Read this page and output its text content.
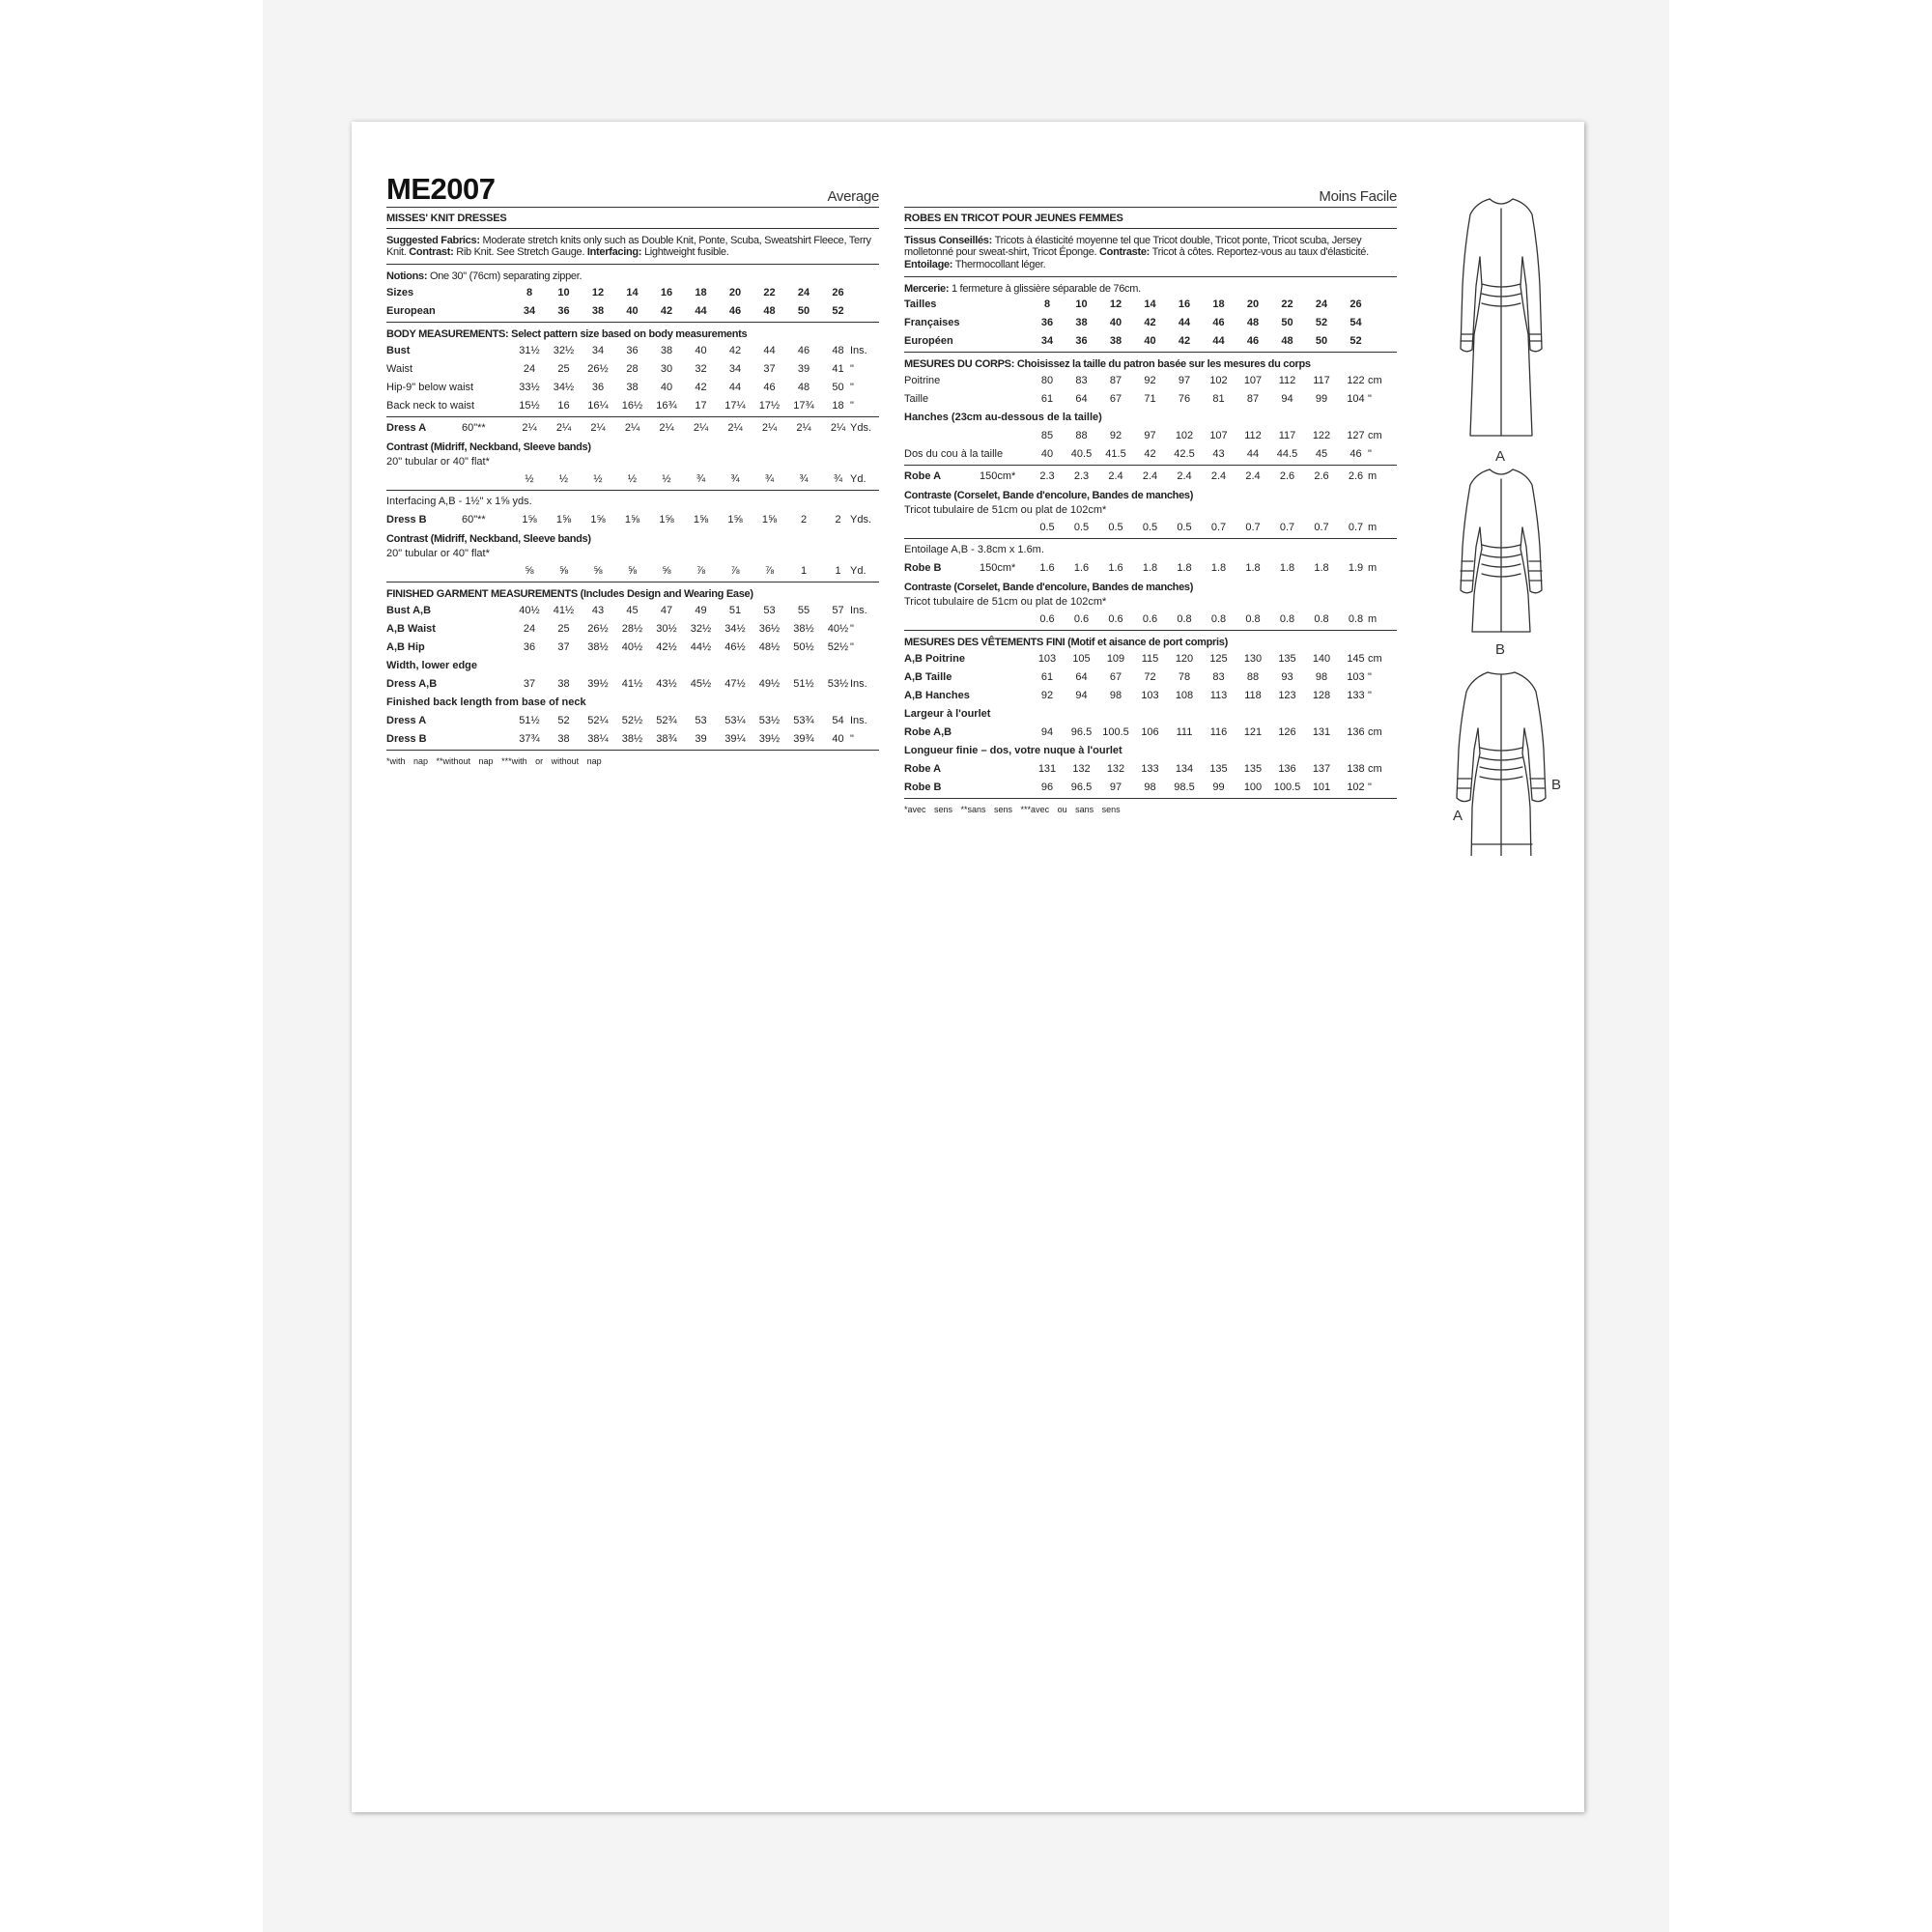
ME2007	Average
MISSES' KNIT DRESSES
Suggested Fabrics: Moderate stretch knits only such as Double Knit, Ponte, Scuba, Sweatshirt Fleece, Terry Knit. Contrast: Rib Knit. See Stretch Gauge. Interfacing: Lightweight fusible.
Notions: One 30" (76cm) separating zipper.
Sizes	8	10	12	14	16	18	20	22	24	26
European	34	36	38	40	42	44	46	48	50	52
BODY MEASUREMENTS: Select pattern size based on body measurements
Bust	31½	32½	34	36	38	40	42	44	46	48 Ins.
Waist	24	25	26½	28	30	32	34	37	39	41 "
Hip-9" below waist	33½	34½	36	38	40	42	44	46	48	50 "
Back neck to waist	15½	16	16¼	16½	16¾	17	17¼	17½	17¾	18 "
Dress A	60"**	2¼	2¼	2¼	2¼	2¼	2¼	2¼	2¼	2¼	2¼ Yds.
Contrast (Midriff, Neckband, Sleeve bands)
20" tubular or 40" flat*
½	½	½	½	½	¾	¾	¾	¾	¾ Yd.
Interfacing A,B - 1½" x 1⅝ yds.
Dress B	60"**	1⅝	1⅝	1⅝	1⅝	1⅝	1⅝	1⅝	1⅝	2	2 Yds.
Contrast (Midriff, Neckband, Sleeve bands)
20" tubular or 40" flat*
⅝	⅝	⅝	⅝	⅝	⅞	⅞	⅞	1	1 Yd.
FINISHED GARMENT MEASUREMENTS (Includes Design and Wearing Ease)
Bust A,B	40½	41½	43	45	47	49	51	53	55	57 Ins.
A,B Waist	24	25	26½	28½	30½	32½	34½	36½	38½	40½ "
A,B Hip	36	37	38½	40½	42½	44½	46½	48½	50½	52½ "
Width, lower edge
Dress A,B	37	38	39½	41½	43½	45½	47½	49½	51½	53½ Ins.
Finished back length from base of neck
Dress A	51½	52	52¼	52½	52¾	53	53¼	53½	53¾	54 Ins.
Dress B	37¾	38	38¼	38½	38¾	39	39¼	39½	39¾	40 "
*with nap **without nap ***with or without nap
Moins Facile
ROBES EN TRICOT POUR JEUNES FEMMES
Tissus Conseillés: Tricots à élasticité moyenne tel que Tricot double, Tricot ponte, Tricot scuba, Jersey molletonné pour sweat-shirt, Tricot Éponge. Contraste: Tricot à côtes. Reportez-vous au taux d'élasticité. Entoilage: Thermocollant léger.
Mercerie: 1 fermeture à glissière séparable de 76cm.
Tailles	8	10	12	14	16	18	20	22	24	26
Françaises	36	38	40	42	44	46	48	50	52	54
Européen	34	36	38	40	42	44	46	48	50	52
MESURES DU CORPS: Choisissez la taille du patron basée sur les mesures du corps
Poitrine	80	83	87	92	97	102	107	112	117	122 cm
Taille	61	64	67	71	76	81	87	94	99	104 "
Hanches (23cm au-dessous de la taille)
85	88	92	97	102	107	112	117	122	127 cm
Dos du cou à la taille	40	40.5	41.5	42	42.5	43	44	44.5	45	46 "
Robe A	150cm*	2.3	2.3	2.4	2.4	2.4	2.4	2.4	2.6	2.6	2.6 m
Contraste (Corselet, Bande d'encolure, Bandes de manches)
Tricot tubulaire de 51cm ou plat de 102cm*
0.5	0.5	0.5	0.5	0.5	0.7	0.7	0.7	0.7	0.7 m
Entoilage A,B - 3.8cm x 1.6m.
Robe B	150cm*	1.6	1.6	1.6	1.8	1.8	1.8	1.8	1.8	1.8	1.9 m
Contraste (Corselet, Bande d'encolure, Bandes de manches)
Tricot tubulaire de 51cm ou plat de 102cm*
0.6	0.6	0.6	0.6	0.8	0.8	0.8	0.8	0.8	0.8 m
MESURES DES VÊTEMENTS FINI (Motif et aisance de port compris)
A,B Poitrine	103	105	109	115	120	125	130	135	140	145 cm
A,B Taille	61	64	67	72	78	83	88	93	98	103 "
A,B Hanches	92	94	98	103	108	113	118	123	128	133 "
Largeur à l'ourlet
Robe A,B	94	96.5	100.5	106	111	116	121	126	131	136 cm
Longueur finie – dos, votre nuque à l'ourlet
Robe A	131	132	132	133	134	135	135	136	137	138 cm
Robe B	96	96.5	97	98	98.5	99	100	100.5	101	102 "
*avec sens **sans sens ***avec ou sans sens
A
B
A
B
